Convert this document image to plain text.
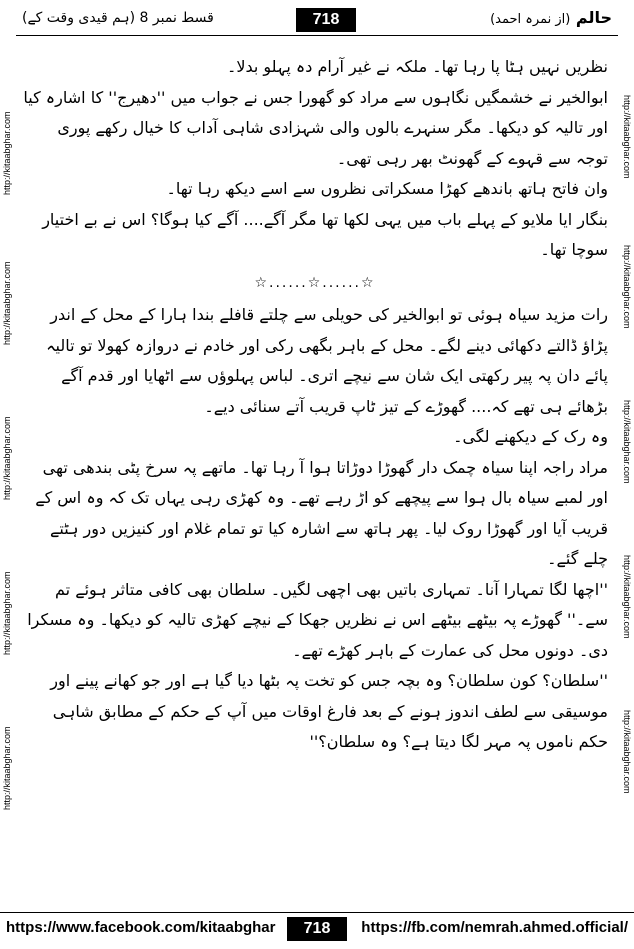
قسط نمبر 8 (ہم قیدی وقت کے)	718	حالم (از نمرہ احمد)
http://kitaabghar.com
http://kitaabghar.com
http://kitaabghar.com
http://kitaabghar.com
http://kitaabghar.com
http://kitaabghar.com
http://kitaabghar.com
http://kitaabghar.com
http://kitaabghar.com
http://kitaabghar.com

نظریں نہیں ہٹا پا رہا تھا۔ ملکہ نے غیر آرام دہ پہلو بدلا۔

ابوالخیر نے خشمگیں نگاہوں سے مراد کو گھورا جس نے جواب میں ''دھیرج'' کا اشارہ کیا اور تالیہ کو دیکھا۔ مگر سنہرے بالوں والی شہزادی شاہی آداب کا خیال رکھے پوری توجہ سے قہوے کے گھونٹ بھر رہی تھی۔

وان فاتح ہاتھ باندھے کھڑا مسکراتی نظروں سے اسے دیکھ رہا تھا۔

بنگار ایا ملایو کے پہلے باب میں یہی لکھا تھا مگر آگے.... آگے کیا ہوگا؟ اس نے بے اختیار سوچا تھا۔

☆......☆......☆

رات مزید سیاہ ہوئی تو ابوالخیر کی حویلی سے چلتے قافلے بندا ہارا کے محل کے اندر پڑاؤ ڈالتے دکھائی دینے لگے۔ محل کے باہر بگھی رکی اور خادم نے دروازہ کھولا تو تالیہ پائے دان پہ پیر رکھتی ایک شان سے نیچے اتری۔ لباس پہلوؤں سے اٹھایا اور قدم آگے بڑھائے ہی تھے کہ.... گھوڑے کے تیز ٹاپ قریب آتے سنائی دیے۔

وہ رک کے دیکھنے لگی۔

مراد راجہ اپنا سیاہ چمک دار گھوڑا دوڑاتا ہوا آ رہا تھا۔ ماتھے پہ سرخ پٹی بندھی تھی اور لمبے سیاہ بال ہوا سے پیچھے کو اڑ رہے تھے۔ وہ کھڑی رہی یہاں تک کہ وہ اس کے قریب آیا اور گھوڑا روک لیا۔ پھر ہاتھ سے اشارہ کیا تو تمام غلام اور کنیزیں دور ہٹتے چلے گئے۔

''اچھا لگا تمہارا آنا۔ تمہاری باتیں بھی اچھی لگیں۔ سلطان بھی کافی متاثر ہوئے تم سے۔'' گھوڑے پہ بیٹھے بیٹھے اس نے نظریں جھکا کے نیچے کھڑی تالیہ کو دیکھا۔ وہ مسکرا دی۔ دونوں محل کی عمارت کے باہر کھڑے تھے۔

''سلطان؟ کون سلطان؟ وہ بچہ جس کو تخت پہ بٹھا دیا گیا ہے اور جو کھانے پینے اور موسیقی سے لطف اندوز ہونے کے بعد فارغ اوقات میں آپ کے حکم کے مطابق شاہی حکم ناموں پہ مہر لگا دیتا ہے؟ وہ سلطان؟''

https://www.facebook.com/kitaabghar	718	https://fb.com/nemrah.ahmed.official/
